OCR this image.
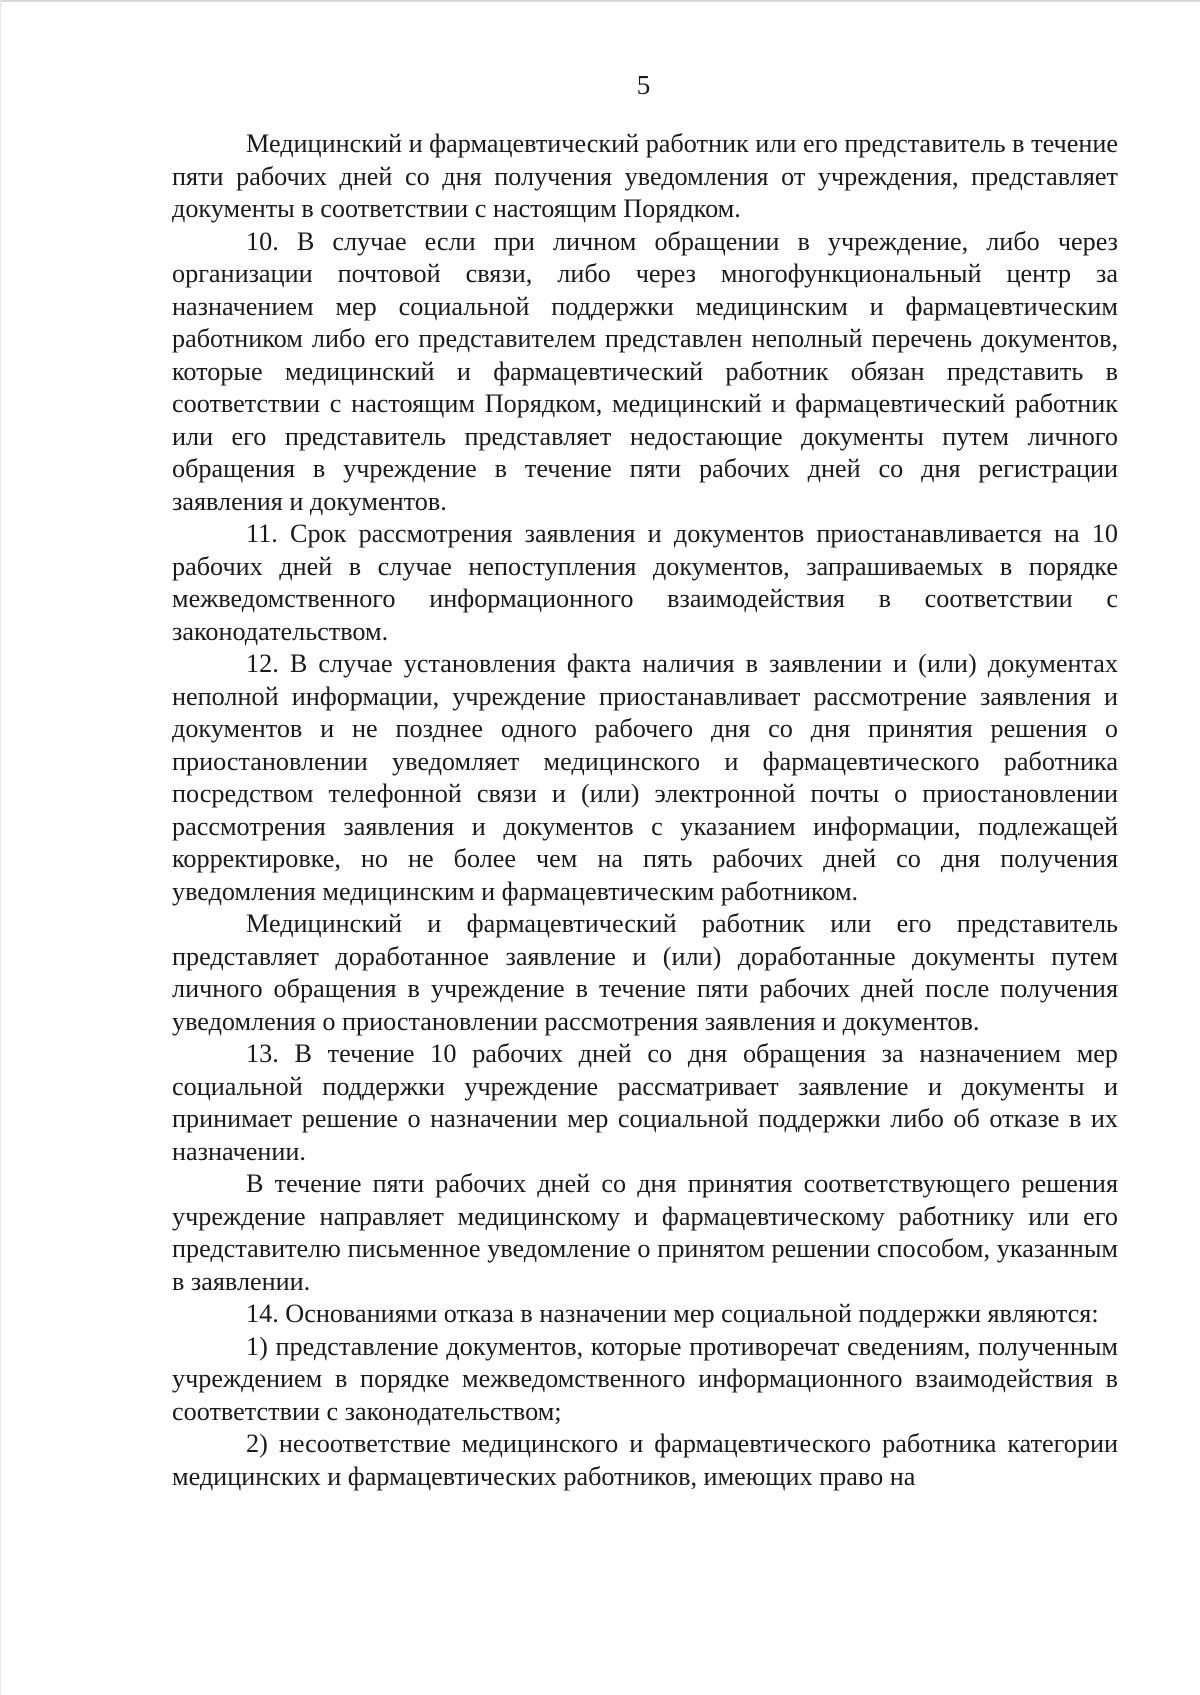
5

Медицинский и фармацевтический работник или его представитель в течение пяти рабочих дней со дня получения уведомления от учреждения, представляет документы в соответствии с настоящим Порядком.

10. В случае если при личном обращении в учреждение, либо через организации почтовой связи, либо через многофункциональный центр за назначением мер социальной поддержки медицинским и фармацевтическим работником либо его представителем представлен неполный перечень документов, которые медицинский и фармацевтический работник обязан представить в соответствии с настоящим Порядком, медицинский и фармацевтический работник или его представитель представляет недостающие документы путем личного обращения в учреждение в течение пяти рабочих дней со дня регистрации заявления и документов.

11. Срок рассмотрения заявления и документов приостанавливается на 10 рабочих дней в случае непоступления документов, запрашиваемых в порядке межведомственного информационного взаимодействия в соответствии с законодательством.

12. В случае установления факта наличия в заявлении и (или) документах неполной информации, учреждение приостанавливает рассмотрение заявления и документов и не позднее одного рабочего дня со дня принятия решения о приостановлении уведомляет медицинского и фармацевтического работника посредством телефонной связи и (или) электронной почты о приостановлении рассмотрения заявления и документов с указанием информации, подлежащей корректировке, но не более чем на пять рабочих дней со дня получения уведомления медицинским и фармацевтическим работником.

Медицинский и фармацевтический работник или его представитель представляет доработанное заявление и (или) доработанные документы путем личного обращения в учреждение в течение пяти рабочих дней после получения уведомления о приостановлении рассмотрения заявления и документов.

13. В течение 10 рабочих дней со дня обращения за назначением мер социальной поддержки учреждение рассматривает заявление и документы и принимает решение о назначении мер социальной поддержки либо об отказе в их назначении.

В течение пяти рабочих дней со дня принятия соответствующего решения учреждение направляет медицинскому и фармацевтическому работнику или его представителю письменное уведомление о принятом решении способом, указанным в заявлении.

14. Основаниями отказа в назначении мер социальной поддержки являются:

1) представление документов, которые противоречат сведениям, полученным учреждением в порядке межведомственного информационного взаимодействия в соответствии с законодательством;

2) несоответствие медицинского и фармацевтического работника категории медицинских и фармацевтических работников, имеющих право на
